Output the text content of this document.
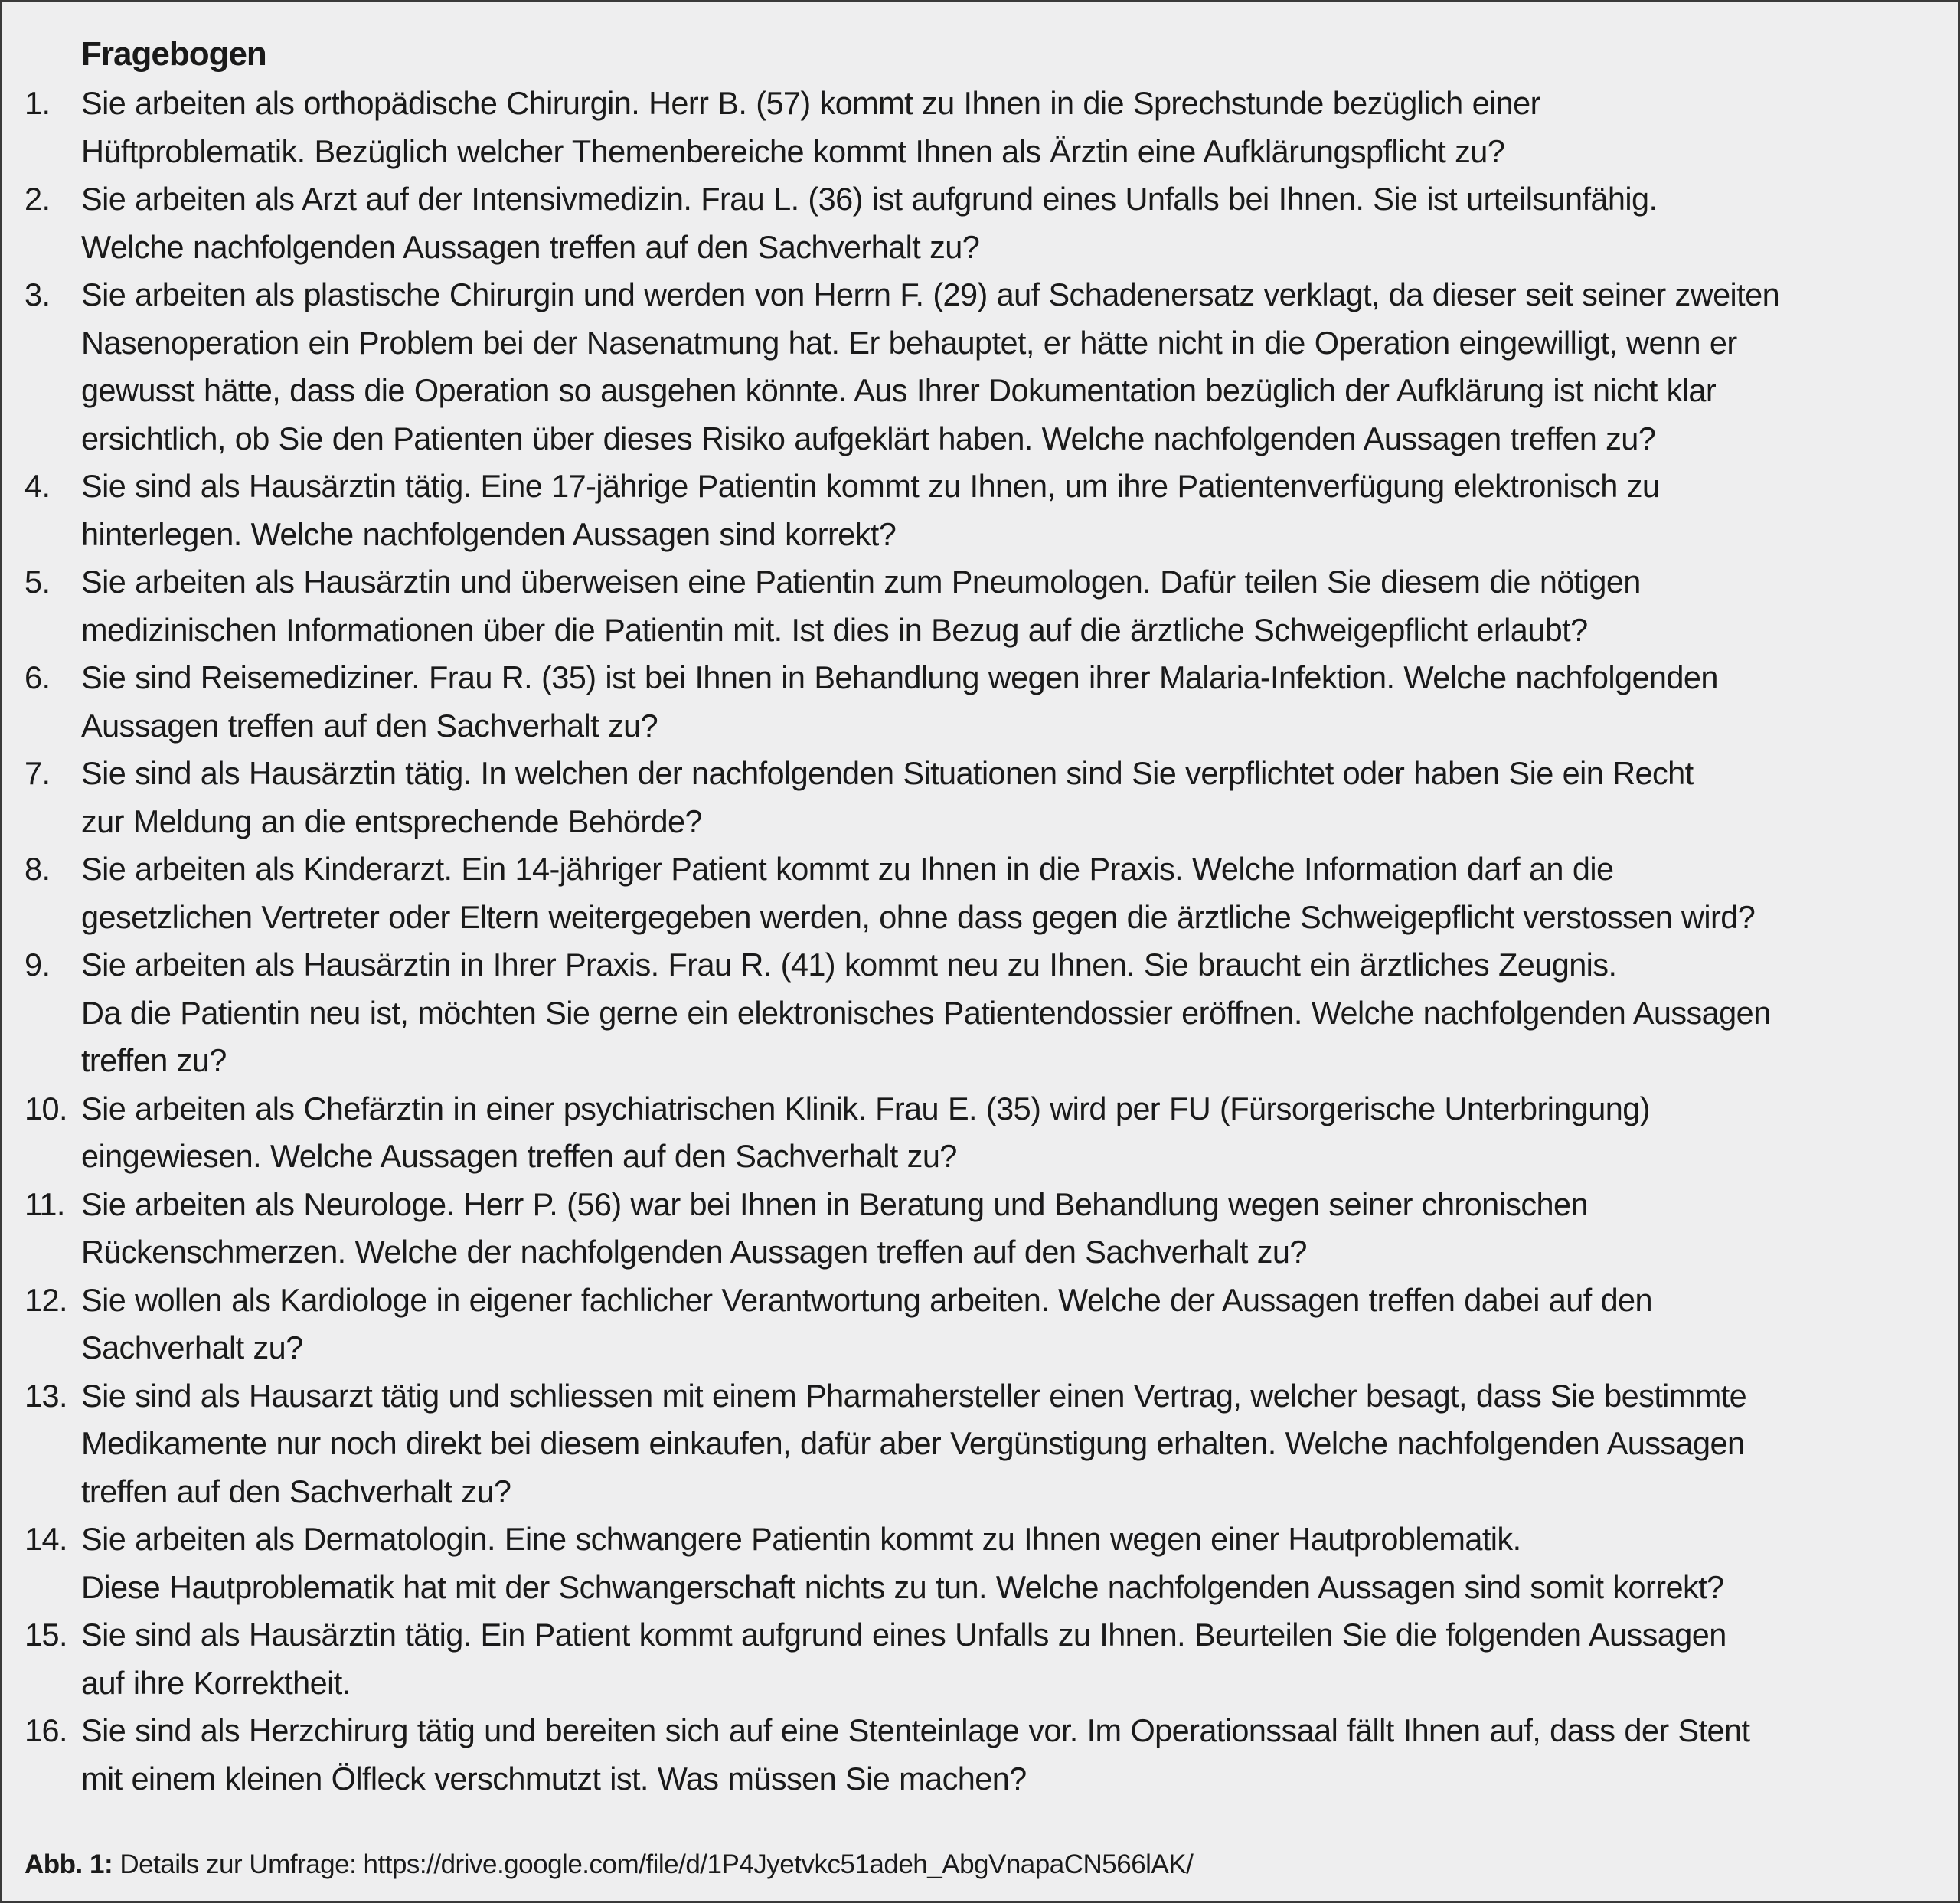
Fragebogen
1. Sie arbeiten als orthopädische Chirurgin. Herr B. (57) kommt zu Ihnen in die Sprechstunde bezüglich einer
Hüftproblematik. Bezüglich welcher Themenbereiche kommt Ihnen als Ärztin eine Aufklärungspflicht zu?
2. Sie arbeiten als Arzt auf der Intensivmedizin. Frau L. (36) ist aufgrund eines Unfalls bei Ihnen. Sie ist urteilsunfähig.
Welche nachfolgenden Aussagen treffen auf den Sachverhalt zu?
3. Sie arbeiten als plastische Chirurgin und werden von Herrn F. (29) auf Schadenersatz verklagt, da dieser seit seiner zweiten
Nasenoperation ein Problem bei der Nasenatmung hat. Er behauptet, er hätte nicht in die Operation eingewilligt, wenn er
gewusst hätte, dass die Operation so ausgehen könnte. Aus Ihrer Dokumentation bezüglich der Aufklärung ist nicht klar
ersichtlich, ob Sie den Patienten über dieses Risiko aufgeklärt haben. Welche nachfolgenden Aussagen treffen zu?
4. Sie sind als Hausärztin tätig. Eine 17-jährige Patientin kommt zu Ihnen, um ihre Patientenverfügung elektronisch zu
hinterlegen. Welche nachfolgenden Aussagen sind korrekt?
5. Sie arbeiten als Hausärztin und überweisen eine Patientin zum Pneumologen. Dafür teilen Sie diesem die nötigen
medizinischen Informationen über die Patientin mit. Ist dies in Bezug auf die ärztliche Schweigepflicht erlaubt?
6. Sie sind Reisemediziner. Frau R. (35) ist bei Ihnen in Behandlung wegen ihrer Malaria-Infektion. Welche nachfolgenden
Aussagen treffen auf den Sachverhalt zu?
7. Sie sind als Hausärztin tätig. In welchen der nachfolgenden Situationen sind Sie verpflichtet oder haben Sie ein Recht
zur Meldung an die entsprechende Behörde?
8. Sie arbeiten als Kinderarzt. Ein 14-jähriger Patient kommt zu Ihnen in die Praxis. Welche Information darf an die
gesetzlichen Vertreter oder Eltern weitergegeben werden, ohne dass gegen die ärztliche Schweigepflicht verstossen wird?
9. Sie arbeiten als Hausärztin in Ihrer Praxis. Frau R. (41) kommt neu zu Ihnen. Sie braucht ein ärztliches Zeugnis.
Da die Patientin neu ist, möchten Sie gerne ein elektronisches Patientendossier eröffnen. Welche nachfolgenden Aussagen
treffen zu?
10. Sie arbeiten als Chefärztin in einer psychiatrischen Klinik. Frau E. (35) wird per FU (Fürsorgerische Unterbringung)
eingewiesen. Welche Aussagen treffen auf den Sachverhalt zu?
11. Sie arbeiten als Neurologe. Herr P. (56) war bei Ihnen in Beratung und Behandlung wegen seiner chronischen
Rückenschmerzen. Welche der nachfolgenden Aussagen treffen auf den Sachverhalt zu?
12. Sie wollen als Kardiologe in eigener fachlicher Verantwortung arbeiten. Welche der Aussagen treffen dabei auf den
Sachverhalt zu?
13. Sie sind als Hausarzt tätig und schliessen mit einem Pharmahersteller einen Vertrag, welcher besagt, dass Sie bestimmte
Medikamente nur noch direkt bei diesem einkaufen, dafür aber Vergünstigung erhalten. Welche nachfolgenden Aussagen
treffen auf den Sachverhalt zu?
14. Sie arbeiten als Dermatologin. Eine schwangere Patientin kommt zu Ihnen wegen einer Hautproblematik.
Diese Hautproblematik hat mit der Schwangerschaft nichts zu tun. Welche nachfolgenden Aussagen sind somit korrekt?
15. Sie sind als Hausärztin tätig. Ein Patient kommt aufgrund eines Unfalls zu Ihnen. Beurteilen Sie die folgenden Aussagen
auf ihre Korrektheit.
16. Sie sind als Herzchirurg tätig und bereiten sich auf eine Stenteinlage vor. Im Operationssaal fällt Ihnen auf, dass der Stent
mit einem kleinen Ölfleck verschmutzt ist. Was müssen Sie machen?
Abb. 1: Details zur Umfrage: https://drive.google.com/file/d/1P4Jyetvkc51adeh_AbgVnapaCN566lAK/
